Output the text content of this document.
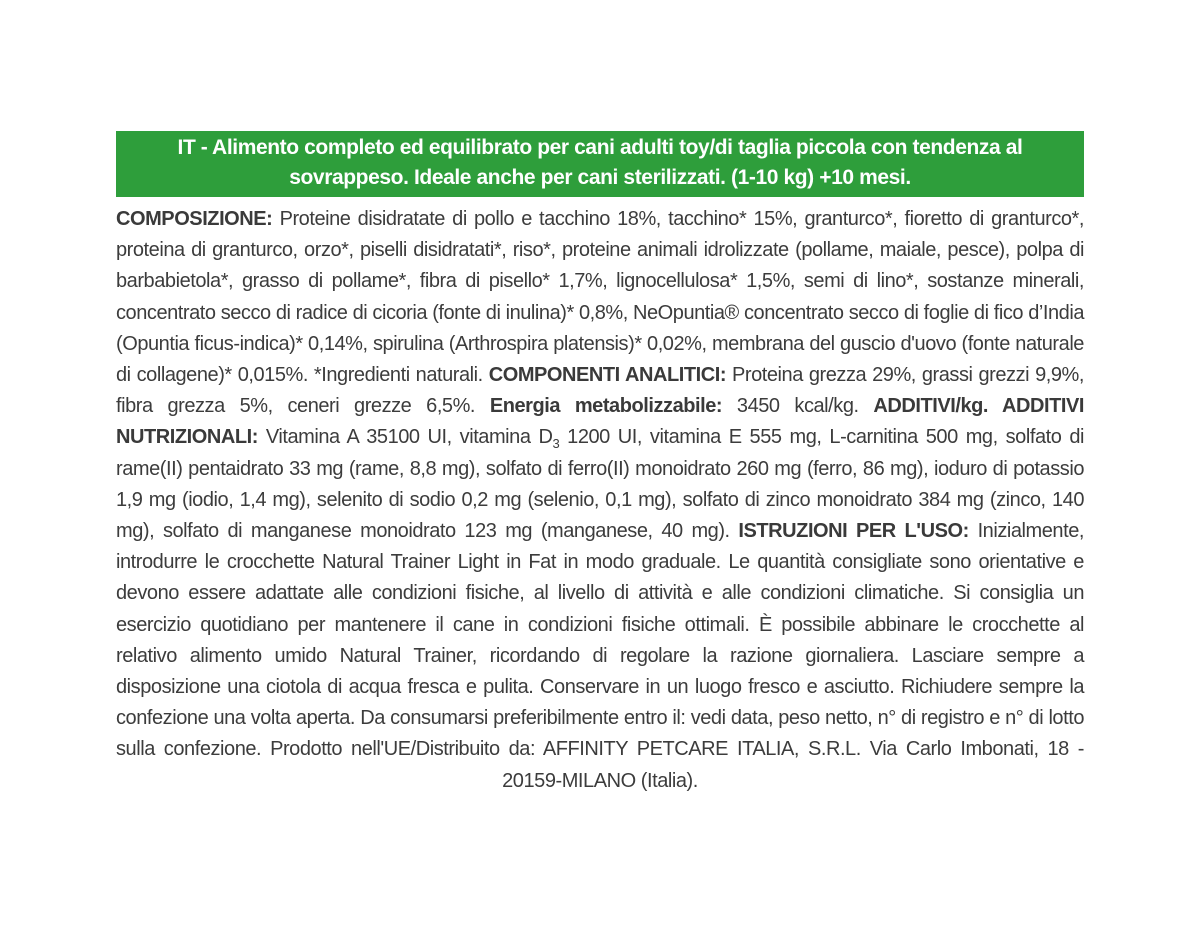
IT - Alimento completo ed equilibrato per cani adulti toy/di taglia piccola con tendenza al
sovrappeso. Ideale anche per cani sterilizzati. (1-10 kg) +10 mesi.
COMPOSIZIONE: Proteine disidratate di pollo e tacchino 18%, tacchino* 15%, granturco*, fioretto di granturco*, proteina di granturco, orzo*, piselli disidratati*, riso*, proteine animali idrolizzate (pollame, maiale, pesce), polpa di barbabietola*, grasso di pollame*, fibra di pisello* 1,7%, lignocellulosa* 1,5%, semi di lino*, sostanze minerali, concentrato secco di radice di cicoria (fonte di inulina)* 0,8%, NeOpuntia® concentrato secco di foglie di fico d’India (Opuntia ficus-indica)* 0,14%, spirulina (Arthrospira platensis)* 0,02%, membrana del guscio d'uovo (fonte naturale di collagene)* 0,015%. *Ingredienti naturali. COMPONENTI ANALITICI: Proteina grezza 29%, grassi grezzi 9,9%, fibra grezza 5%, ceneri grezze 6,5%. Energia metabolizzabile: 3450 kcal/kg. ADDITIVI/kg. ADDITIVI NUTRIZIONALI: Vitamina A 35100 UI, vitamina $D_3$ 1200 UI, vitamina E 555 mg, L-carnitina 500 mg, solfato di rame(II) pentaidrato 33 mg (rame, 8,8 mg), solfato di ferro(II) monoidrato 260 mg (ferro, 86 mg), ioduro di potassio 1,9 mg (iodio, 1,4 mg), selenito di sodio 0,2 mg (selenio, 0,1 mg), solfato di zinco monoidrato 384 mg (zinco, 140 mg), solfato di manganese monoidrato 123 mg (manganese, 40 mg). ISTRUZIONI PER L'USO: Inizialmente, introdurre le crocchette Natural Trainer Light in Fat in modo graduale. Le quantità consigliate sono orientative e devono essere adattate alle condizioni fisiche, al livello di attività e alle condizioni climatiche. Si consiglia un esercizio quotidiano per mantenere il cane in condizioni fisiche ottimali. È possibile abbinare le crocchette al relativo alimento umido Natural Trainer, ricordando di regolare la razione giornaliera. Lasciare sempre a disposizione una ciotola di acqua fresca e pulita. Conservare in un luogo fresco e asciutto. Richiudere sempre la confezione una volta aperta. Da consumarsi preferibilmente entro il: vedi data, peso netto, n° di registro e n° di lotto sulla confezione. Prodotto nell'UE/Distribuito da: AFFINITY PETCARE ITALIA, S.R.L. Via Carlo Imbonati, 18 - 20159-MILANO (Italia).
